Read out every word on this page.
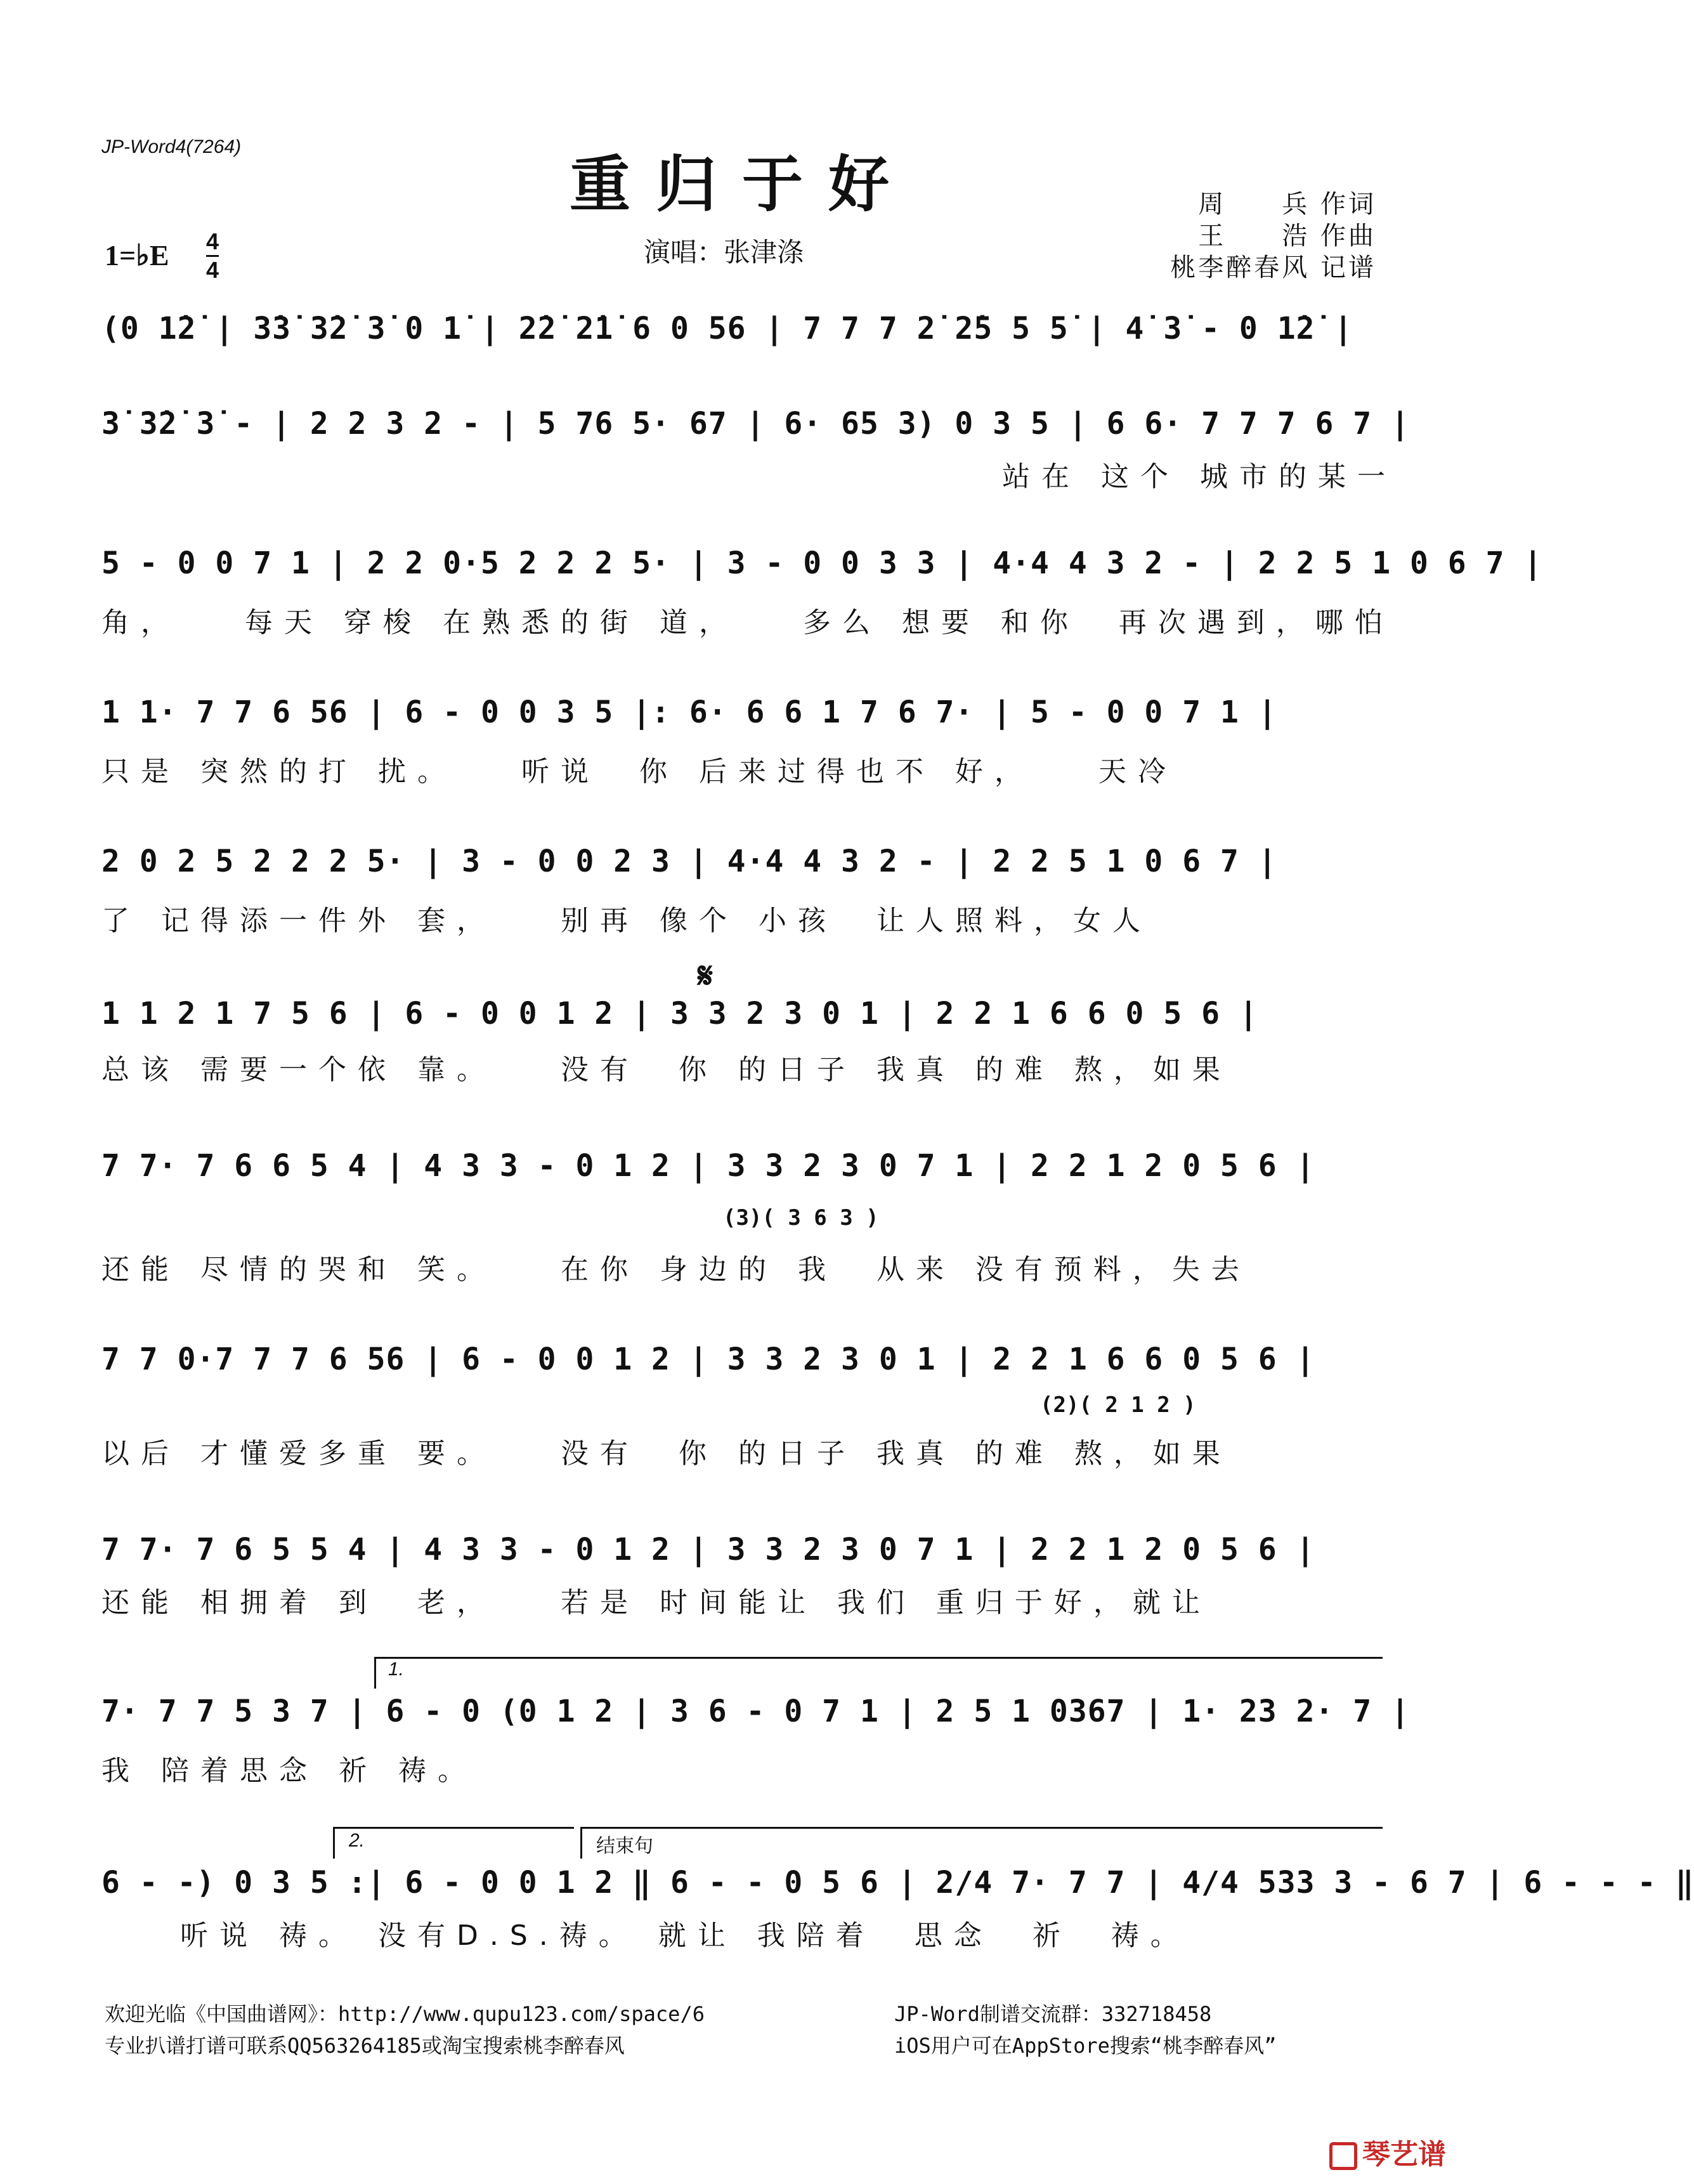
JP-Word4(7264)
重归于好
1=♭E 4
4
演唱：张津涤
周　　兵 作词
王　　浩 作曲
桃李醉春风 记谱
(0 1̇2̇ | 3̇3̇ 3̇2̇ 3̇ 0 1̇ | 2̇2̇ 2̇1̇ 6 0 56 | 7 7 7 2̇ 2̇5 5 5̇ | 4̇ 3̇ - 0 1̇2̇ |
3̇ 3̇2̇ 3̇ - | 2 2 3 2 - | 5 76 5· 67 | 6· 65 3) 0 3 5 | 6 6· 7 7 7 6 7 |
站在 这个 城市的某一
5 - 0 0 7 1 | 2 2 0·5 2 2 2 5· | 3 - 0 0 3 3 | 4·4 4 3 2 - | 2 2 5 1 0 6 7 |
角，　　每天 穿梭 在熟悉的街 道，　　多么 想要 和你　再次遇到，哪怕
1 1· 7 7 6 56 | 6 - 0 0 3 5 |: 6· 6 6 1 7 6 7· | 5 - 0 0 7 1 |
只是 突然的打 扰。　　听说　你 后来过得也不 好，　　天冷
2 0 2 5 2 2 2 5· | 3 - 0 0 2 3 | 4·4 4 3 2 - | 2 2 5 1 0 6 7 |
了 记得添一件外 套，　　别再 像个 小孩　让人照料，女人
𝄋
1 1 2 1 7 5 6 | 6 - 0 0 1 2 | 3 3 2 3 0 1 | 2 2 1 6 6 0 5 6 |
总该 需要一个依 靠。　　没有　你 的日子 我真 的难 熬，如果
7 7· 7 6 6 5 4 | 4 3 3 - 0 1 2 | 3 3 2 3 0 7 1 | 2 2 1 2 0 5 6 |
(3)( 3 6 3 )
还能 尽情的哭和 笑。　　在你 身边的 我　从来 没有预料，失去
7 7 0·7 7 7 6 56 | 6 - 0 0 1 2 | 3 3 2 3 0 1 | 2 2 1 6 6 0 5 6 |
(2)( 2 1 2 )
以后 才懂爱多重 要。　　没有　你 的日子 我真 的难 熬，如果
7 7· 7 6 5 5 4 | 4 3 3 - 0 1 2 | 3 3 2 3 0 7 1 | 2 2 1 2 0 5 6 |
还能 相拥着 到　老，　　若是 时间能让 我们 重归于好，就让
1.
7· 7 7 5 3 7 | 6 - 0 (0 1 2 | 3 6 - 0 7 1 | 2 5 1 0367 | 1· 23 2· 7 |
我 陪着思念 祈 祷。
2.	结束句
6 - -) 0 3 5 :| 6 - 0 0 1 2 ‖ 6 - - 0 5 6 | 2/4 7· 7 7 | 4/4 533 3 - 6 7 | 6 - - - ‖
　　听说 祷。 没有D.S.祷。 就让 我陪着　思念　祈　祷。
欢迎光临《中国曲谱网》：http://www.qupu123.com/space/6
专业扒谱打谱可联系QQ563264185或淘宝搜索桃李醉春风
JP-Word制谱交流群：332718458
iOS用户可在AppStore搜索“桃李醉春风”
琴艺谱
